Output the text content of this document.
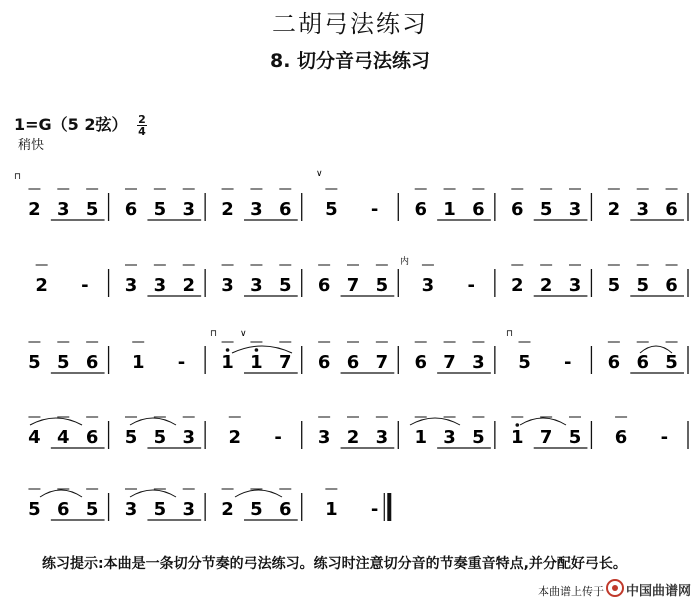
二胡弓法练习
8. 切分音弓法练习
1=G（5 2弦） $\frac{2}{4}$
稍快
2 3 5 6 5 3 2 3 6 5 - 6 1 6 6 5 3 2 3 6
2 - 3 3 2 3 3 5 6 7 5 3 - 2 2 3 5 5 6
5 5 6 1 - 1 1 7 6 6 7 6 7 3 5 - 6 6 5
4 4 6 5 5 3 2 - 3 2 3 1 3 5 1 7 5 6 -
5 6 5 3 5 3 2 5 6 1 -
⊓	∨
⊓	∨	⊓
内
练习提示:本曲是一条切分节奏的弓法练习。练习时注意切分音的节奏重音特点,并分配好弓长。
本曲谱上传于 中国曲谱网
